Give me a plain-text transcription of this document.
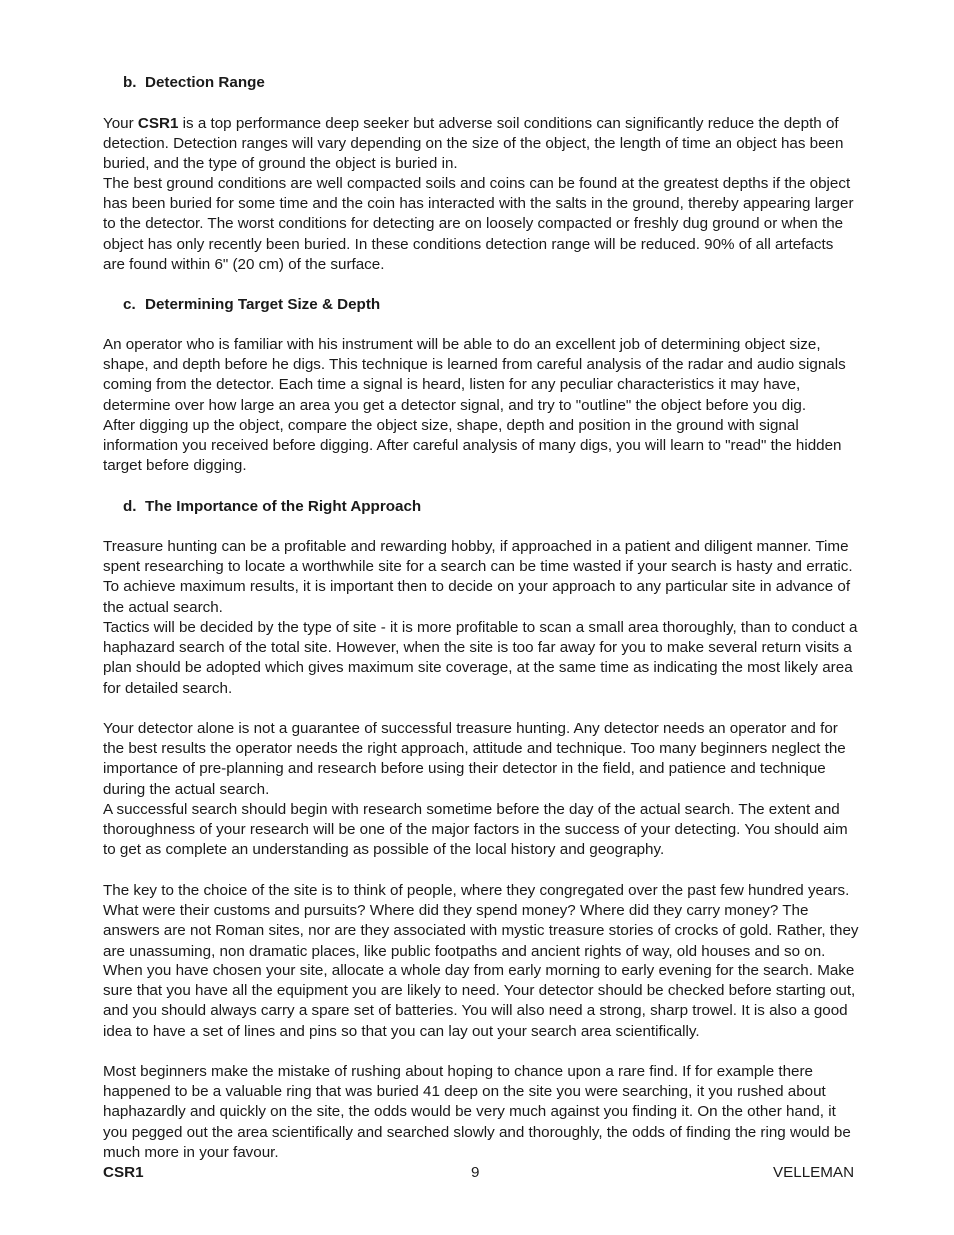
b. Detection Range

Your CSR1 is a top performance deep seeker but adverse soil conditions can significantly reduce the depth of detection. Detection ranges will vary depending on the size of the object, the length of time an object has been buried, and the type of ground the object is buried in.

The best ground conditions are well compacted soils and coins can be found at the greatest depths if the object has been buried for some time and the coin has interacted with the salts in the ground, thereby appearing larger to the detector. The worst conditions for detecting are on loosely compacted or freshly dug ground or when the object has only recently been buried. In these conditions detection range will be reduced. 90% of all artefacts are found within 6" (20 cm) of the surface.

c. Determining Target Size & Depth

An operator who is familiar with his instrument will be able to do an excellent job of determining object size, shape, and depth before he digs. This technique is learned from careful analysis of the radar and audio signals coming from the detector. Each time a signal is heard, listen for any peculiar characteristics it may have, determine over how large an area you get a detector signal, and try to "outline" the object before you dig.

After digging up the object, compare the object size, shape, depth and position in the ground with signal information you received before digging. After careful analysis of many digs, you will learn to "read" the hidden target before digging.

d. The Importance of the Right Approach

Treasure hunting can be a profitable and rewarding hobby, if approached in a patient and diligent manner. Time spent researching to locate a worthwhile site for a search can be time wasted if your search is hasty and erratic. To achieve maximum results, it is important then to decide on your approach to any particular site in advance of the actual search.

Tactics will be decided by the type of site - it is more profitable to scan a small area thoroughly, than to conduct a haphazard search of the total site. However, when the site is too far away for you to make several return visits a plan should be adopted which gives maximum site coverage, at the same time as indicating the most likely area for detailed search.

Your detector alone is not a guarantee of successful treasure hunting. Any detector needs an operator and for the best results the operator needs the right approach, attitude and technique. Too many beginners neglect the importance of pre-planning and research before using their detector in the field, and patience and technique during the actual search.

A successful search should begin with research sometime before the day of the actual search. The extent and thoroughness of your research will be one of the major factors in the success of your detecting. You should aim to get as complete an understanding as possible of the local history and geography.

The key to the choice of the site is to think of people, where they congregated over the past few hundred years. What were their customs and pursuits? Where did they spend money? Where did they carry money? The answers are not Roman sites, nor are they associated with mystic treasure stories of crocks of gold. Rather, they are unassuming, non dramatic places, like public footpaths and ancient rights of way, old houses and so on.

When you have chosen your site, allocate a whole day from early morning to early evening for the search. Make sure that you have all the equipment you are likely to need. Your detector should be checked before starting out, and you should always carry a spare set of batteries. You will also need a strong, sharp trowel. It is also a good idea to have a set of lines and pins so that you can lay out your search area scientifically.

Most beginners make the mistake of rushing about hoping to chance upon a rare find. If for example there happened to be a valuable ring that was buried 41 deep on the site you were searching, it you rushed about haphazardly and quickly on the site, the odds would be very much against you finding it. On the other hand, it you pegged out the area scientifically and searched slowly and thoroughly, the odds of finding the ring would be much more in your favour.

CSR1	9	VELLEMAN
